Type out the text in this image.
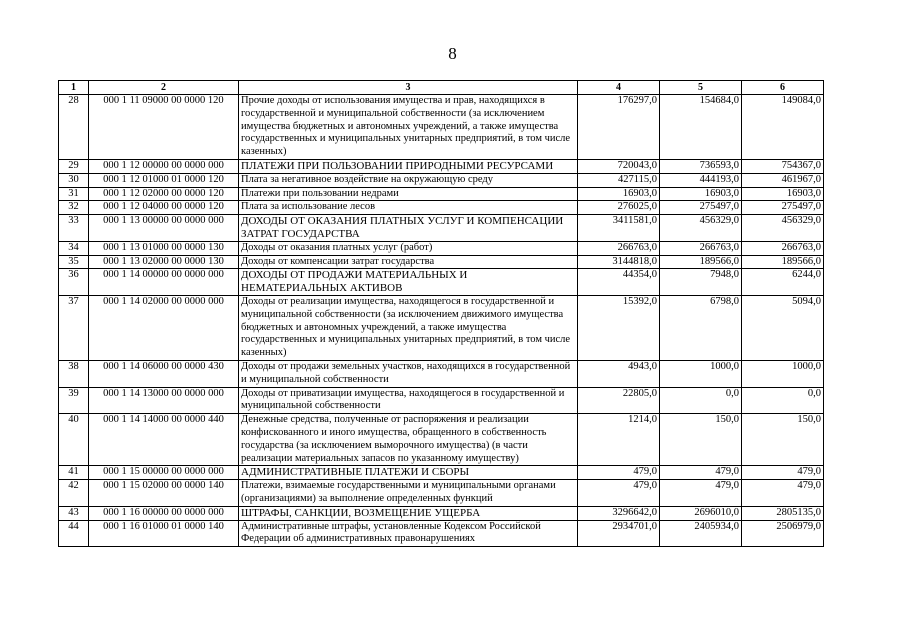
8
1	2	3	4	5	6
28	000 1 11 09000 00 0000 120	Прочие доходы от использования имущества и прав, находящихся в государственной и муниципальной собственности (за исключением имущества бюджетных и автономных учреждений, а также имущества государственных и муниципальных унитарных предприятий, в том числе казенных)	176297,0	154684,0	149084,0
29	000 1 12 00000 00 0000 000	ПЛАТЕЖИ ПРИ ПОЛЬЗОВАНИИ ПРИРОДНЫМИ РЕСУРСАМИ	720043,0	736593,0	754367,0
30	000 1 12 01000 01 0000 120	Плата за негативное воздействие на окружающую среду	427115,0	444193,0	461967,0
31	000 1 12 02000 00 0000 120	Платежи при пользовании недрами	16903,0	16903,0	16903,0
32	000 1 12 04000 00 0000 120	Плата за использование лесов	276025,0	275497,0	275497,0
33	000 1 13 00000 00 0000 000	ДОХОДЫ ОТ ОКАЗАНИЯ ПЛАТНЫХ УСЛУГ И КОМПЕНСАЦИИ ЗАТРАТ ГОСУДАРСТВА	3411581,0	456329,0	456329,0
34	000 1 13 01000 00 0000 130	Доходы от оказания платных услуг (работ)	266763,0	266763,0	266763,0
35	000 1 13 02000 00 0000 130	Доходы от компенсации затрат государства	3144818,0	189566,0	189566,0
36	000 1 14 00000 00 0000 000	ДОХОДЫ ОТ ПРОДАЖИ МАТЕРИАЛЬНЫХ И НЕМАТЕРИАЛЬНЫХ АКТИВОВ	44354,0	7948,0	6244,0
37	000 1 14 02000 00 0000 000	Доходы от реализации имущества, находящегося в государственной и муниципальной собственности (за исключением движимого имущества бюджетных и автономных учреждений, а также имущества государственных и муниципальных унитарных предприятий, в том числе казенных)	15392,0	6798,0	5094,0
38	000 1 14 06000 00 0000 430	Доходы от продажи земельных участков, находящихся в государственной и муниципальной собственности	4943,0	1000,0	1000,0
39	000 1 14 13000 00 0000 000	Доходы от приватизации имущества, находящегося в государственной и муниципальной собственности	22805,0	0,0	0,0
40	000 1 14 14000 00 0000 440	Денежные средства, полученные от распоряжения и реализации конфискованного и иного имущества, обращенного в собственность государства (за исключением выморочного имущества) (в части реализации материальных запасов по указанному имуществу)	1214,0	150,0	150,0
41	000 1 15 00000 00 0000 000	АДМИНИСТРАТИВНЫЕ ПЛАТЕЖИ И СБОРЫ	479,0	479,0	479,0
42	000 1 15 02000 00 0000 140	Платежи, взимаемые государственными и муниципальными органами (организациями) за выполнение определенных функций	479,0	479,0	479,0
43	000 1 16 00000 00 0000 000	ШТРАФЫ, САНКЦИИ, ВОЗМЕЩЕНИЕ УЩЕРБА	3296642,0	2696010,0	2805135,0
44	000 1 16 01000 01 0000 140	Административные штрафы, установленные Кодексом Российской Федерации об административных правонарушениях	2934701,0	2405934,0	2506979,0
